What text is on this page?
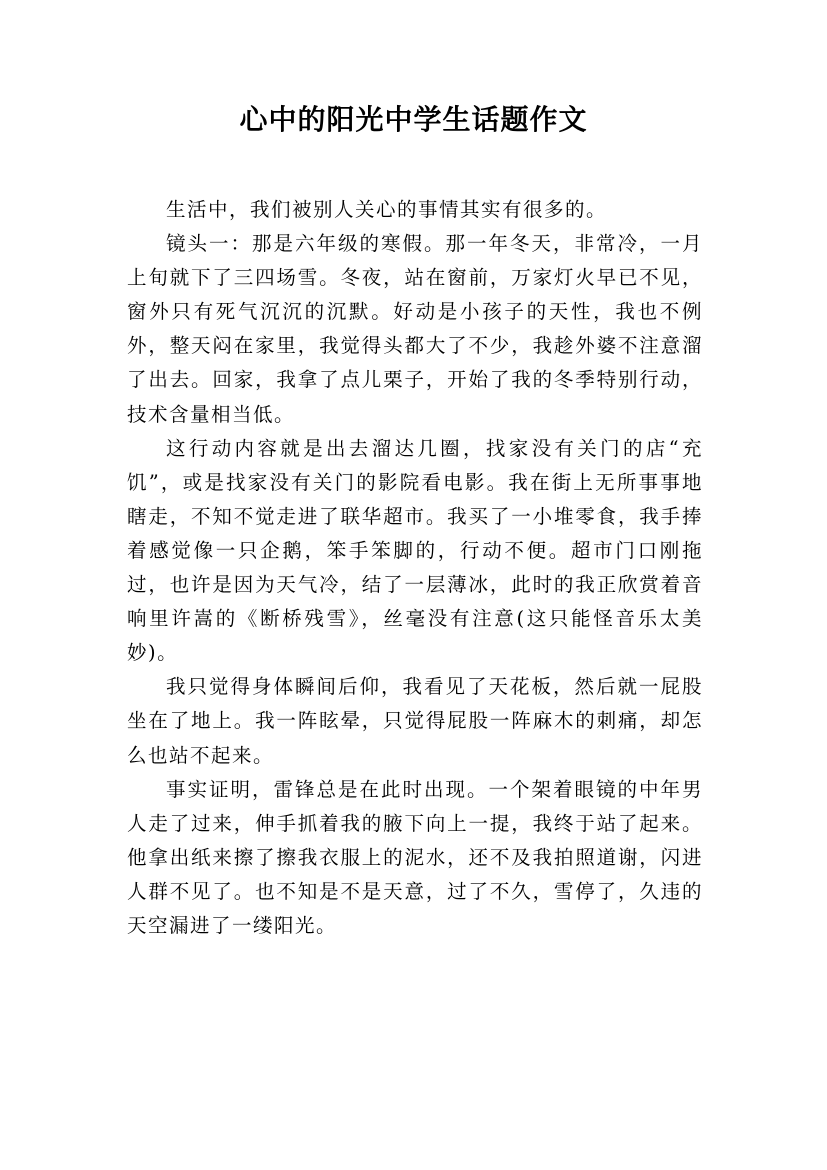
心中的阳光中学生话题作文

生活中，我们被别人关心的事情其实有很多的。

镜头一：那是六年级的寒假。那一年冬天，非常冷，一月上旬就下了三四场雪。冬夜，站在窗前，万家灯火早已不见，窗外只有死气沉沉的沉默。好动是小孩子的天性，我也不例外，整天闷在家里，我觉得头都大了不少，我趁外婆不注意溜了出去。回家，我拿了点儿栗子，开始了我的冬季特别行动，技术含量相当低。

这行动内容就是出去溜达几圈，找家没有关门的店“充饥”，或是找家没有关门的影院看电影。我在街上无所事事地瞎走，不知不觉走进了联华超市。我买了一小堆零食，我手捧着感觉像一只企鹅，笨手笨脚的，行动不便。超市门口刚拖过，也许是因为天气冷，结了一层薄冰，此时的我正欣赏着音响里许嵩的《断桥残雪》，丝毫没有注意(这只能怪音乐太美妙)。

我只觉得身体瞬间后仰，我看见了天花板，然后就一屁股坐在了地上。我一阵眩晕，只觉得屁股一阵麻木的刺痛，却怎么也站不起来。

事实证明，雷锋总是在此时出现。一个架着眼镜的中年男人走了过来，伸手抓着我的腋下向上一提，我终于站了起来。他拿出纸来擦了擦我衣服上的泥水，还不及我拍照道谢，闪进人群不见了。也不知是不是天意，过了不久，雪停了，久违的天空漏进了一缕阳光。
